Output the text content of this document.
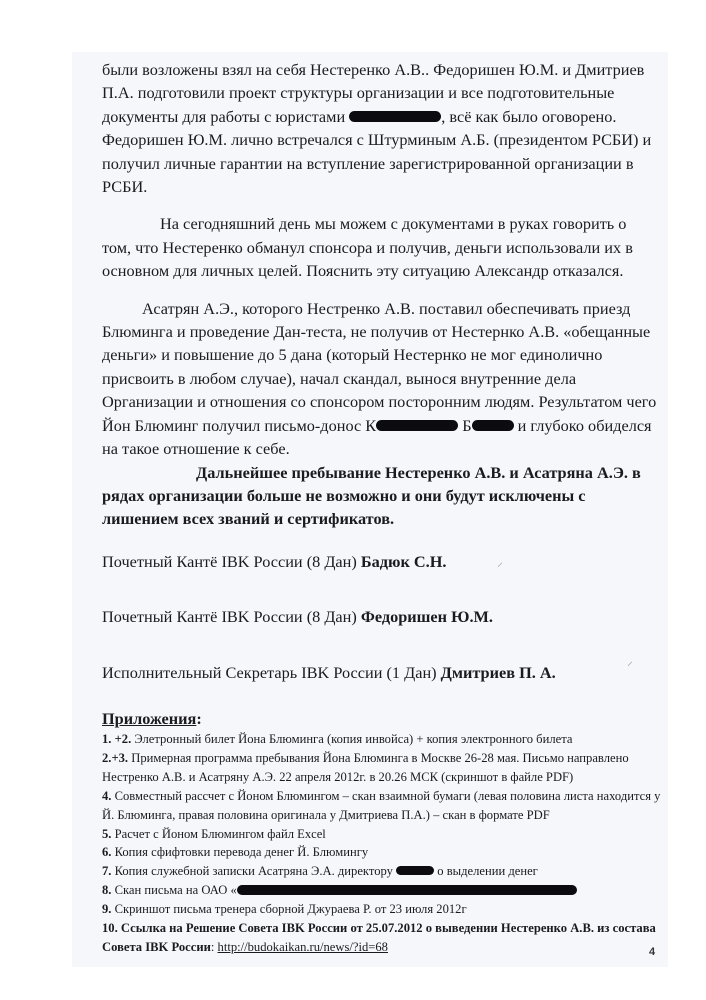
были возложены взял на себя Нестеренко А.В.. Федоришен Ю.М. и Дмитриев П.А. подготовили проект структуры организации и все подготовительные документы для работы с юристами	, всё как было оговорено. Федоришен Ю.М. лично встречался с Штурминым А.Б. (президентом РСБИ) и получил личные гарантии на вступление зарегистрированной организации в РСБИ.

На сегодняшний день мы можем с документами в руках говорить о том, что Нестеренко обманул спонсора и получив, деньги использовали их в основном для личных целей. Пояснить эту ситуацию Александр отказался.

Асатрян А.Э., которого Нестренко А.В. поставил обеспечивать приезд Блюминга и проведение Дан-теста, не получив от Нестернко А.В. «обещанные деньги» и повышение до 5 дана (который Нестернко не мог единолично присвоить в любом случае), начал скандал, вынося внутренние дела Организации и отношения со спонсором посторонним людям. Результатом чего Йон Блюминг получил письмо-донос К	Б	и глубоко обиделся на такое отношение к себе.

Дальнейшее пребывание Нестеренко А.В. и Асатряна А.Э. в рядах организации больше не возможно и они будут исключены с лишением всех званий и сертификатов.

Почетный Кантё IBK России (8 Дан) Бадюк С.Н.
Почетный Кантё IBK России (8 Дан) Федоришен Ю.М.
Исполнительный Секретарь IBK России (1 Дан) Дмитриев П. А.
Приложения:
1. +2. Элетронный билет Йона Блюминга (копия инвойса) + копия электронного билета
2.+3. Примерная программа пребывания Йона Блюминга в Москве 26-28 мая. Письмо направлено Нестренко А.В. и Асатряну А.Э. 22 апреля 2012г. в 20.26 МСК (скриншот в файле PDF)
4. Совместный рассчет с Йоном Блюмингом – скан взаимной бумаги (левая половина листа находится у Й. Блюминга, правая половина оригинала у Дмитриева П.А.) – скан в формате PDF
5. Расчет с Йоном Блюмингом файл Excel
6. Копия сфифтовки перевода денег Й. Блюмингу
7. Копия служебной записки Асатряна Э.А. директору	о выделении денег
8. Скан письма на ОАО «
9. Скриншот письма тренера сборной Джураева Р. от 23 июля 2012г
10. Ссылка на Решение Совета IBK России от 25.07.2012 о выведении Нестеренко А.В. из состава Совета IBK России: http://budokaikan.ru/news/?id=68	4
⸝
⸝
